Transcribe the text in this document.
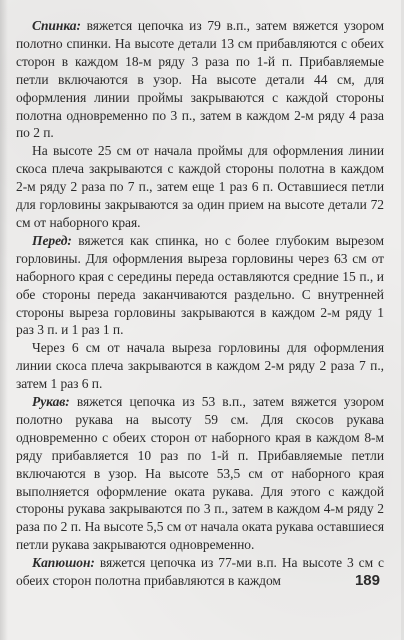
Спинка: вяжется цепочка из 79 в.п., затем вяжется узором полотно спинки. На высоте детали 13 см прибавляются с обеих сторон в каждом 18-м ряду 3 раза по 1-й п. Прибавляемые петли включаются в узор. На высоте детали 44 см, для оформления линии проймы закрываются с каждой стороны полотна одновременно по 3 п., затем в каждом 2-м ряду 4 раза по 2 п.

На высоте 25 см от начала проймы для оформления линии скоса плеча закрываются с каждой стороны полотна в каждом 2-м ряду 2 раза по 7 п., затем еще 1 раз 6 п. Оставшиеся петли для горловины закрываются за один прием на высоте детали 72 см от наборного края.

Перед: вяжется как спинка, но с более глубоким вырезом горловины. Для оформления выреза горловины через 63 см от наборного края с середины переда оставляются средние 15 п., и обе стороны переда заканчиваются раздельно. С внутренней стороны выреза горловины закрываются в каждом 2-м ряду 1 раз 3 п. и 1 раз 1 п.

Через 6 см от начала выреза горловины для оформления линии скоса плеча закрываются в каждом 2-м ряду 2 раза 7 п., затем 1 раз 6 п.

Рукав: вяжется цепочка из 53 в.п., затем вяжется узором полотно рукава на высоту 59 см. Для скосов рукава одновременно с обеих сторон от наборного края в каждом 8-м ряду прибавляется 10 раз по 1-й п. Прибавляемые петли включаются в узор. На высоте 53,5 см от наборного края выполняется оформление оката рукава. Для этого с каждой стороны рукава закрываются по 3 п., затем в каждом 4-м ряду 2 раза по 2 п. На высоте 5,5 см от начала оката рукава оставшиеся петли рукава закрываются одновременно.

Капюшон: вяжется цепочка из 77-ми в.п. На высоте 3 см с обеих сторон полотна прибавляются в каждом	189
